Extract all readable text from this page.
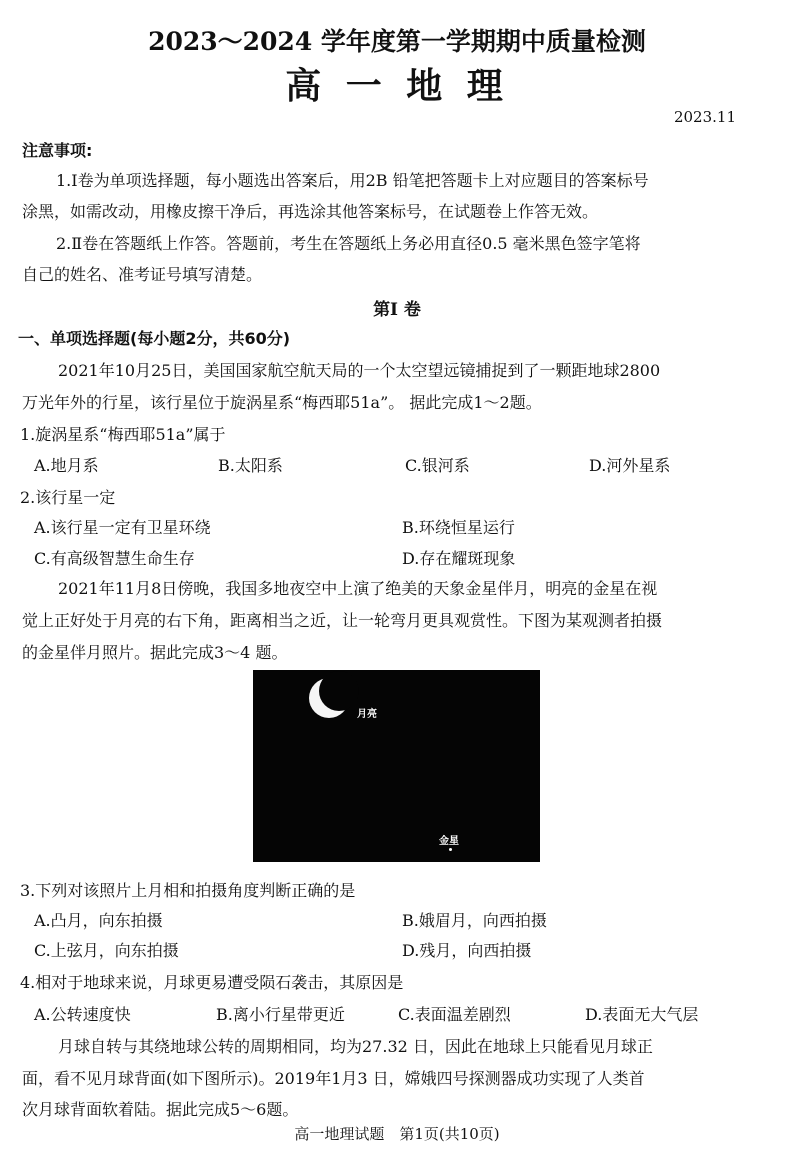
2023～2024 学年度第一学期期中质量检测
高 一 地 理
2023.11
注意事项:
1.Ⅰ卷为单项选择题，每小题选出答案后，用2B 铅笔把答题卡上对应题目的答案标号
涂黑，如需改动，用橡皮擦干净后，再选涂其他答案标号，在试题卷上作答无效。
2.Ⅱ卷在答题纸上作答。答题前，考生在答题纸上务必用直径0.5 毫米黑色签字笔将
自己的姓名、准考证号填写清楚。
第Ⅰ 卷
一、单项选择题(每小题2分，共60分)
2021年10月25日，美国国家航空航天局的一个太空望远镜捕捉到了一颗距地球2800
万光年外的行星，该行星位于旋涡星系“梅西耶51a”。 据此完成1～2题。
1.旋涡星系“梅西耶51a”属于
A.地月系	B.太阳系	C.银河系	D.河外星系
2.该行星一定
A.该行星一定有卫星环绕	B.环绕恒星运行
C.有高级智慧生命生存	D.存在耀斑现象
2021年11月8日傍晚，我国多地夜空中上演了绝美的天象金星伴月，明亮的金星在视
觉上正好处于月亮的右下角，距离相当之近，让一轮弯月更具观赏性。下图为某观测者拍摄
的金星伴月照片。据此完成3～4 题。
月亮
金星
3.下列对该照片上月相和拍摄角度判断正确的是
A.凸月，向东拍摄	B.娥眉月，向西拍摄
C.上弦月，向东拍摄	D.残月，向西拍摄
4.相对于地球来说，月球更易遭受陨石袭击，其原因是
A.公转速度快	B.离小行星带更近	C.表面温差剧烈	D.表面无大气层
月球自转与其绕地球公转的周期相同，均为27.32 日，因此在地球上只能看见月球正
面，看不见月球背面(如下图所示)。2019年1月3 日，嫦娥四号探测器成功实现了人类首
次月球背面软着陆。据此完成5～6题。
高一地理试题　第1页(共10页)
